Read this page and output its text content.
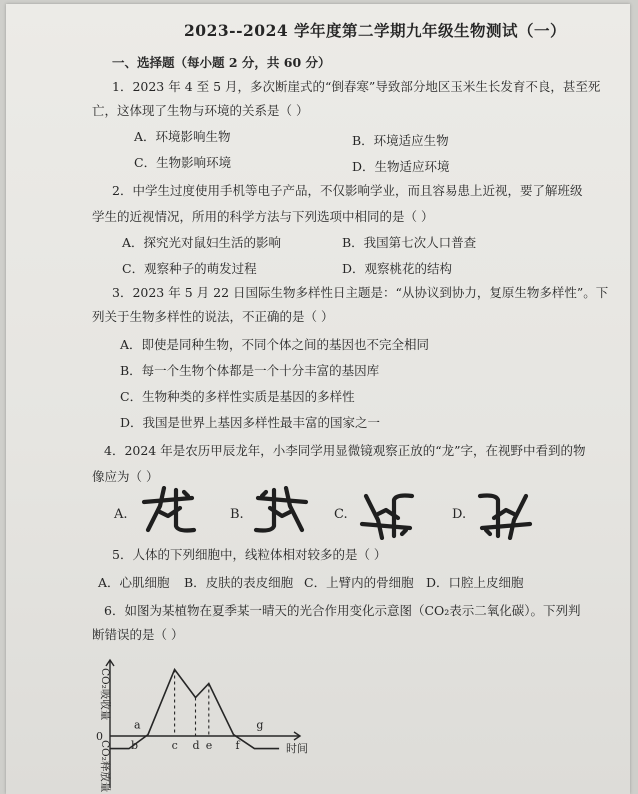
2023--2024 学年度第二学期九年级生物测试（一）
一、选择题（每小题 2 分，共 60 分）
1．2023 年 4 至 5 月，多次断崖式的“倒春寒”导致部分地区玉米生长发育不良，甚至死
亡，这体现了生物与环境的关系是（ ）
A．环境影响生物	B．环境适应生物
C．生物影响环境	D．生物适应环境
2．中学生过度使用手机等电子产品，不仅影响学业，而且容易患上近视，要了解班级
学生的近视情况，所用的科学方法与下列选项中相同的是（ ）
A．探究光对鼠妇生活的影响	B．我国第七次人口普查
C．观察种子的萌发过程	D．观察桃花的结构
3．2023 年 5 月 22 日国际生物多样性日主题是：“从协议到协力，复原生物多样性”。下
列关于生物多样性的说法，不正确的是（ ）
A．即使是同种生物，不同个体之间的基因也不完全相同
B．每一个生物个体都是一个十分丰富的基因库
C．生物种类的多样性实质是基因的多样性
D．我国是世界上基因多样性最丰富的国家之一
4．2024 年是农历甲辰龙年，小李同学用显微镜观察正放的“龙”字，在视野中看到的物
像应为（ ）
A.	B.	C.	D.
5．人体的下列细胞中，线粒体相对较多的是（ ）
A．心肌细胞 B．皮肤的表皮细胞 C．上臂内的骨细胞 D．口腔上皮细胞
6．如图为某植物在夏季某一晴天的光合作用变化示意图（CO₂表示二氧化碳）。下列判
断错误的是（ ）
CO₂吸收量
CO₂释放量
0
时间
a
b	c d e f
g
